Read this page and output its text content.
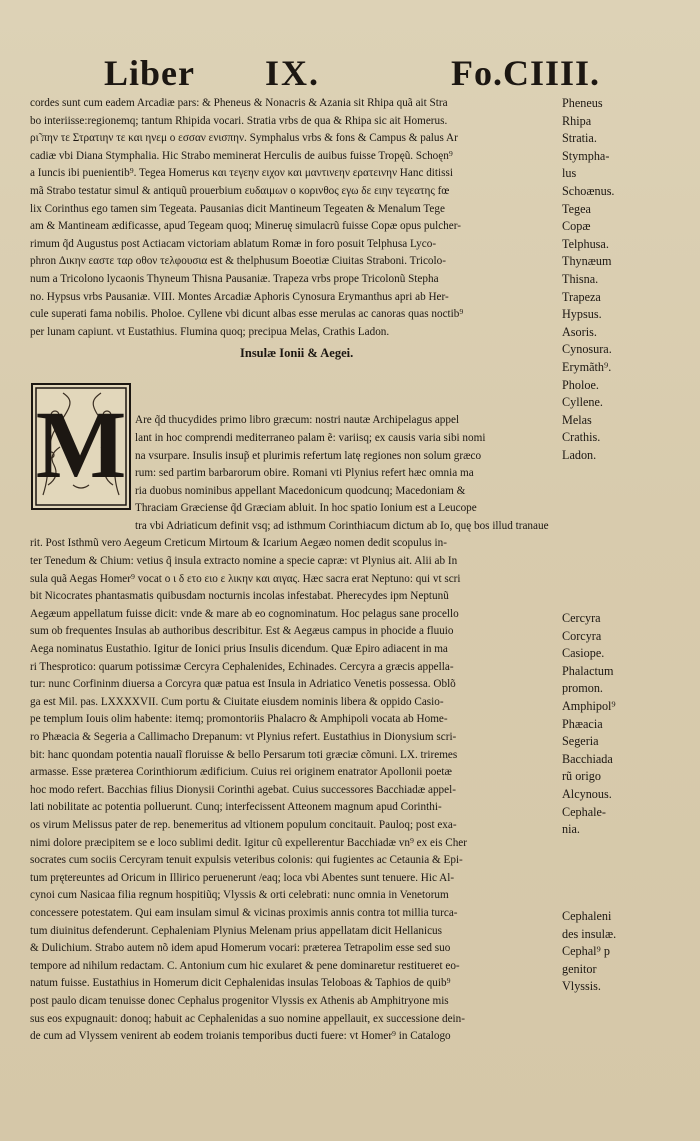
Liber IX.	Fo.CIIII.
cordes sunt cum eadem Arcadiæ pars: & Pheneus & Nonacris & Azania sit Rhipa quã ait Stra
bo interiisse:regionemq; tantum Rhipida vocari. Stratia vrbs de qua & Rhipa sic ait Homerus.
ρι̃ πην τε Στρατιην τε και ηνεμ ο εσσαν ενισπην. Symphalus vrbs & fons & Campus & palus Ar
cadiæ vbi Diana Stymphalia. Hic Strabo meminerat Herculis de auibus fuisse Tropęũ. Schoęn⁹
a Iuncis ibi puenientib⁹. Tegea Homerus και τεγεην ειχον και μαντινεην ερατεινην Hanc ditissi
mã Strabo testatur simul & antiquũ prouerbium ευδαιμων ο κορινθος εγω δε ειην τεγεατης fœ
lix Corinthus ego tamen sim Tegeata. Pausanias dicit Mantineum Tegeaten & Menalum Tege
am & Mantineam ædificasse, apud Tegeam quoq; Mineruę simulacrũ fuisse Copæ opus pulcher-
rimum q̃d Augustus post Actiacam victoriam ablatum Romæ in foro posuit Telphusa Lyco-
phron Δικην εαστε ταρ οθον τελφουσια est & thelphusum Boeotiæ Ciuitas Straboni. Tricolo-
num a Tricolono lycaonis Thyneum Thisna Pausaniæ. Trapeza vrbs prope Tricolonũ Stepha
no. Hypsus vrbs Pausaniæ. VIII. Montes Arcadiæ Aphoris Cynosura Erymanthus apri ab Her-
cule superati fama nobilis. Pholoe. Cyllene vbi dicunt albas esse merulas ac canoras quas noctib⁹
per lunam capiunt. vt Eustathius. Flumina quoq; precipua Melas, Crathis Ladon.
Are q̃d thucydides primo libro græcum: nostri nautæ Archipelagus appel
lant in hoc comprendi mediterraneo palam ẽ: variisq; ex causis varia sibi nomi
na vsurpare. Insulis insup̃ et plurimis refertum latę regiones non solum græco
rum: sed partim barbarorum obire. Romani vti Plynius refert hæc omnia ma
ria duobus nominibus appellant Macedonicum quodcunq; Macedoniam &
Thraciam Græciense q̃d Græciam abluit. In hoc spatio Ionium est a Leucope
tra vbi Adriaticum definit vsq; ad isthmum Corinthiacum dictum ab Io, quę bos illud tranaue
rit. Post Isthmũ vero Aegeum Creticum Mirtoum & Icarium Aegæo nomen dedit scopulus in-
ter Tenedum & Chium: vetius q̃ insula extracto nomine a specie capræ: vt Plynius ait. Alii ab In
sula quã Aegas Homer⁹ vocat ο ι δ ετο ειο ε λικην και αιγας. Hæc sacra erat Neptuno: qui vt scri
bit Nicocrates phantasmatis quibusdam nocturnis incolas infestabat. Pherecydes ipm Neptunũ
Aegæum appellatum fuisse dicit: vnde & mare ab eo cognominatum. Hoc pelagus sane procello
sum ob frequentes Insulas ab authoribus describitur. Est & Aegæus campus in phocide a fluuio
Aega nominatus Eustathio. Igitur de Ionici prius Insulis dicendum. Quæ Epiro adiacent in ma
ri Thesprotico: quarum potissimæ Cercyra Cephalenides, Echinades. Cercyra a græcis appella-
tur: nunc Corfininm diuersa a Corcyra quæ patua est Insula in Adriatico Venetis possessa. Oblõ
ga est Mil. pas. LXXXXVII. Cum portu & Ciuitate eiusdem nominis libera & oppido Casio-
pe templum Iouis olim habente: itemq; promontoriis Phalacro & Amphipoli vocata ab Home-
ro Phæacia & Segeria a Callimacho Drepanum: vt Plynius refert. Eustathius in Dionysium scri-
bit: hanc quondam potentia naualĩ floruisse & bello Persarum toti græciæ cõmuni. LX. triremes
armasse. Esse præterea Corinthiorum ædificium. Cuius rei originem enatrator Apollonii poetæ
hoc modo refert. Bacchias filius Dionysii Corinthi agebat. Cuius successores Bacchiadæ appel-
lati nobilitate ac potentia polluerunt. Cunq; interfecissent Atteonem magnum apud Corinthi-
os virum Melissus pater de rep. benemeritus ad vltionem populum concitauit. Pauloq; post exa-
nimi dolore præcipitem se e loco sublimi dedit. Igitur cũ expellerentur Bacchiadæ vn⁹ ex eis Cher
socrates cum sociis Cercyram tenuit expulsis veteribus colonis: qui fugientes ac Cetaunia & Epi-
tum prętereuntes ad Oricum in Illirico peruenerunt /eaq; loca vbi Abentes sunt tenuere. Hic Al-
cynoi cum Nasicaa filia regnum hospitiũq; Vlyssis & orti celebrati: nunc omnia in Venetorum
concessere potestatem. Qui eam insulam simul & vicinas proximis annis contra tot millia turca-
tum diuinitus defenderunt. Cephaleniam Plynius Melenam prius appellatam dicit Hellanicus
& Dulichium. Strabo autem nõ idem apud Homerum vocari: præterea Tetrapolim esse sed suo
tempore ad nihilum redactam. C. Antonium cum hic exularet & pene dominaretur restitueret eo-
natum fuisse. Eustathius in Homerum dicit Cephalenidas insulas Teloboas & Taphios de quib⁹
post paulo dicam tenuisse donec Cephalus progenitor Vlyssis ex Athenis ab Amphitryone mis
sus eos expugnauit: donoq; habuit ac Cephalenidas a suo nomine appellauit, ex successione dein-
de cum ad Vlyssem venirent ab eodem troianis temporibus ducti fuere: vt Homer⁹ in Catalogo
Insulæ Ionii & Aegei.
M
Pheneus
Rhipa
Stratia.
Stympha-
lus
Schoænus.
Tegea
Copæ
Telphusa.
Thynæum
Thisna.
Trapeza
Hypsus.
Asoris.
Cynosura.
Erymãth⁹.
Pholoe.
Cyllene.
Melas
Crathis.
Ladon.
Cercyra
Corcyra
Casiope.
Phalactum
promon.
Amphipol⁹
Phæacia
Segeria
Bacchiada
rũ origo
Alcynous.
Cephale-
nia.
Cephaleni
des insulæ.
Cephal⁹ p
genitor
Vlyssis.
